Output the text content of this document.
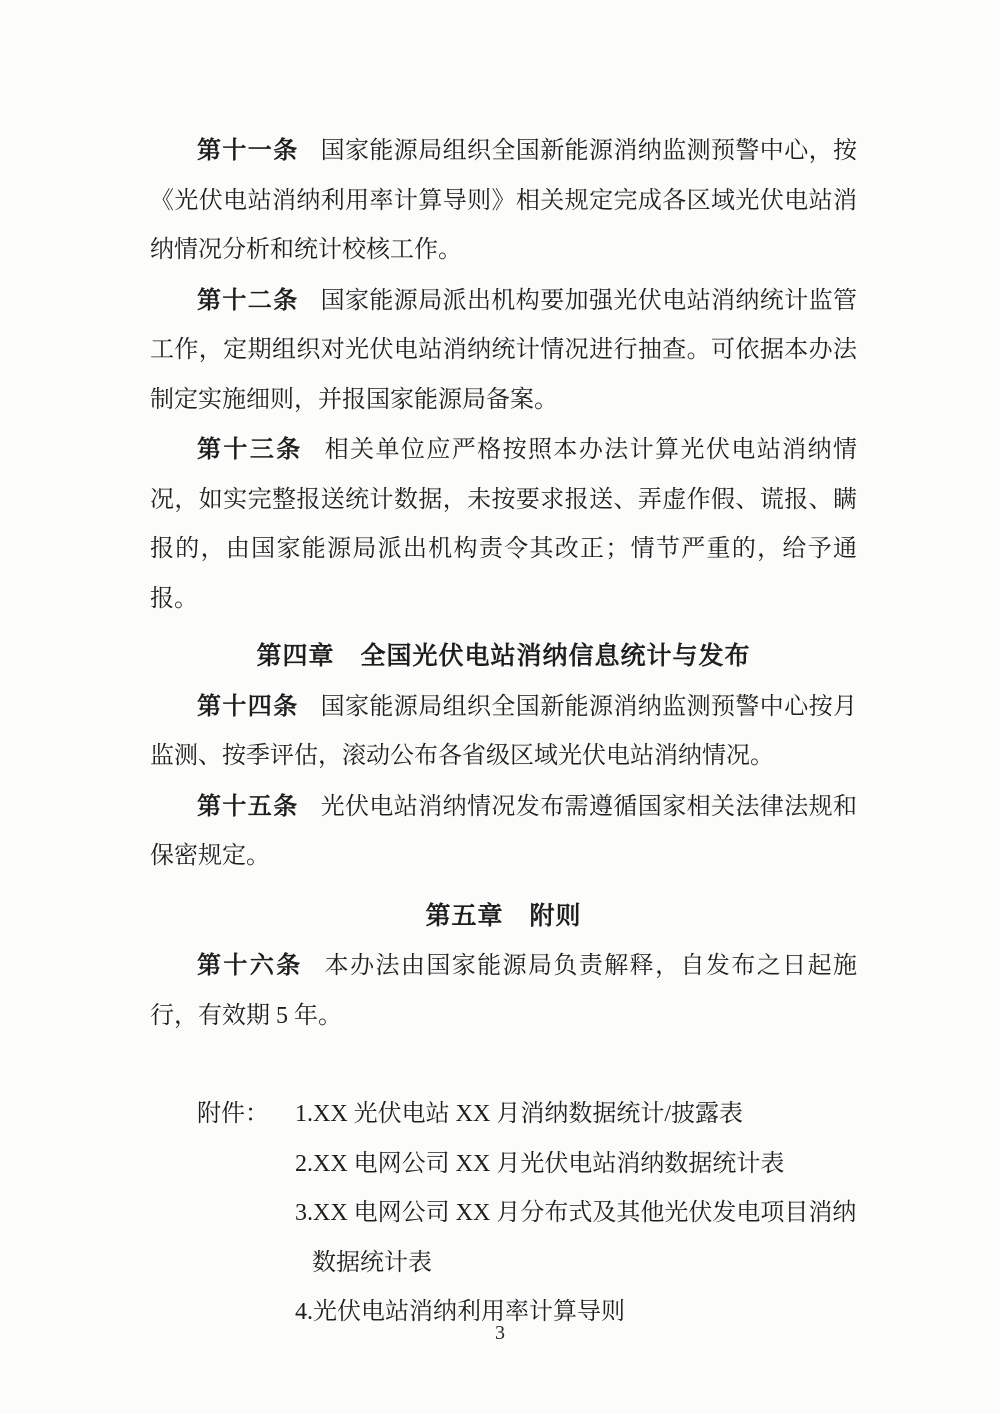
第十一条 国家能源局组织全国新能源消纳监测预警中心，按《光伏电站消纳利用率计算导则》相关规定完成各区域光伏电站消纳情况分析和统计校核工作。

第十二条 国家能源局派出机构要加强光伏电站消纳统计监管工作，定期组织对光伏电站消纳统计情况进行抽查。可依据本办法制定实施细则，并报国家能源局备案。

第十三条 相关单位应严格按照本办法计算光伏电站消纳情况，如实完整报送统计数据，未按要求报送、弄虚作假、谎报、瞒报的，由国家能源局派出机构责令其改正；情节严重的，给予通报。

第四章　全国光伏电站消纳信息统计与发布

第十四条 国家能源局组织全国新能源消纳监测预警中心按月监测、按季评估，滚动公布各省级区域光伏电站消纳情况。

第十五条 光伏电站消纳情况发布需遵循国家相关法律法规和保密规定。

第五章　附则

第十六条 本办法由国家能源局负责解释，自发布之日起施行，有效期 5 年。

附件：	1.XX 光伏电站 XX 月消纳数据统计/披露表

2.XX 电网公司 XX 月光伏电站消纳数据统计表

3.XX 电网公司 XX 月分布式及其他光伏发电项目消纳数据统计表

4.光伏电站消纳利用率计算导则

3
